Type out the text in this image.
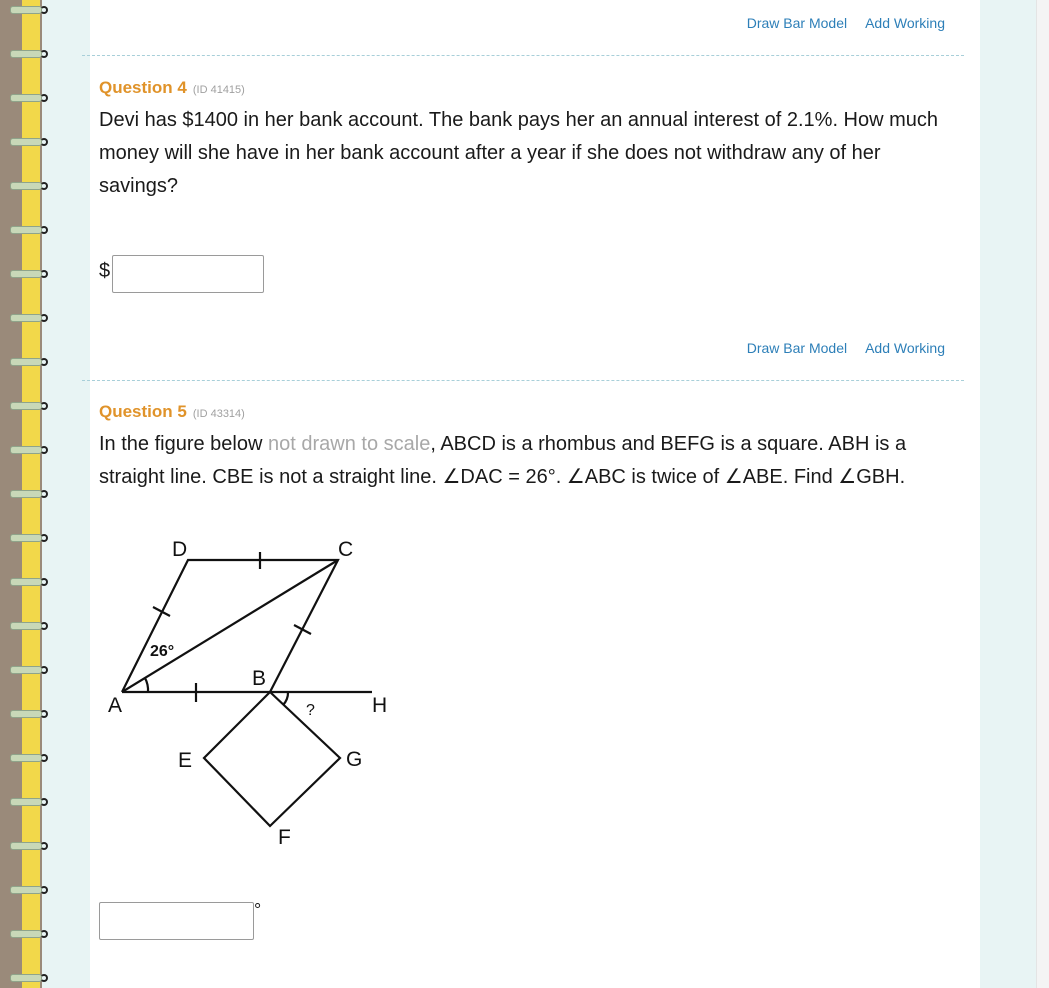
Draw Bar Model Add Working
Question 4 (ID 41415)
Devi has $1400 in her bank account. The bank pays her an annual interest of 2.1%. How much money will she have in her bank account after a year if she does not withdraw any of her savings?
$
Draw Bar Model Add Working
Question 5 (ID 43314)
In the figure below not drawn to scale, ABCD is a rhombus and BEFG is a square. ABH is a straight line. CBE is not a straight line. ∠DAC = 26°. ∠ABC is twice of ∠ABE. Find ∠GBH.
A
B
C
D
E
F
G
H
26°
?
°
